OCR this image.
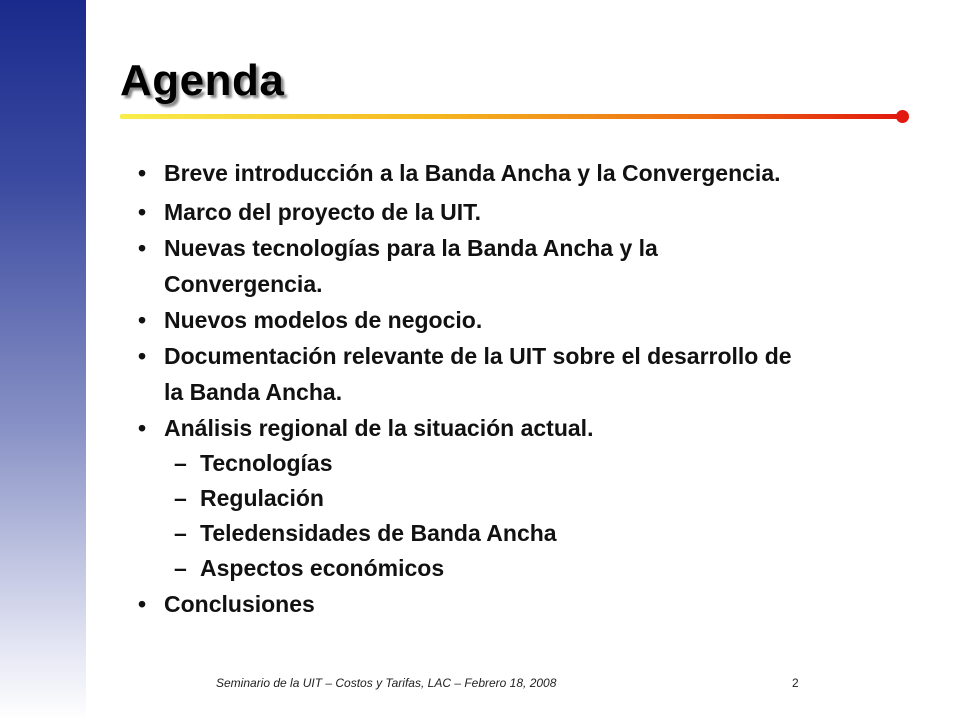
Agenda
• Breve introducción a la Banda Ancha y la Convergencia.
• Marco del proyecto de la UIT.
• Nuevas tecnologías para la Banda Ancha y la Convergencia.
• Nuevos modelos de negocio.
• Documentación relevante de la UIT sobre el desarrollo de la Banda Ancha.
• Análisis regional de la situación actual.
– Tecnologías
– Regulación
– Teledensidades de Banda Ancha
– Aspectos económicos
• Conclusiones
Seminario de la UIT – Costos y Tarifas, LAC – Febrero 18, 2008	2
